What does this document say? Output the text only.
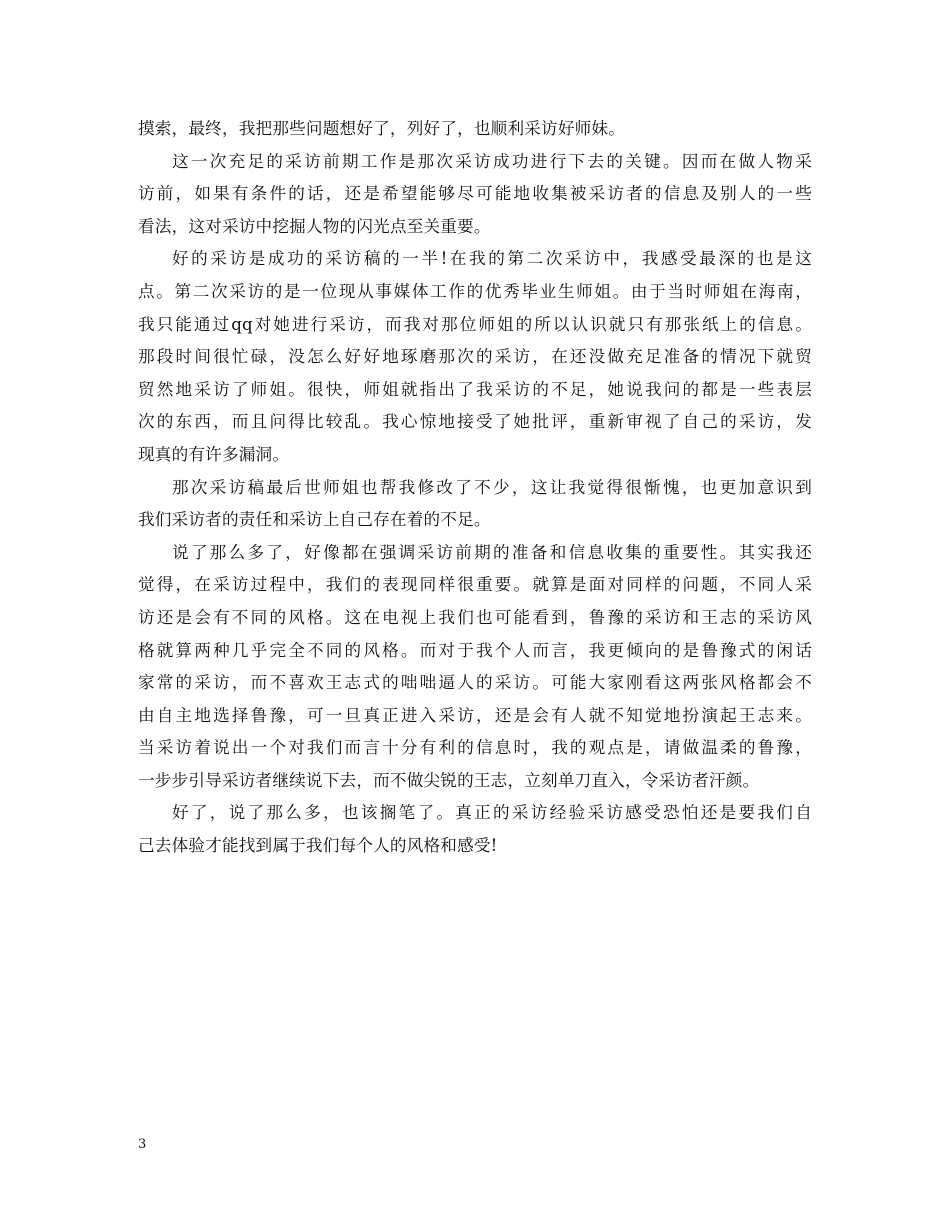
摸索，最终，我把那些问题想好了，列好了，也顺利采访好师妹。
这一次充足的采访前期工作是那次采访成功进行下去的关键。因而在做人物采
访前，如果有条件的话，还是希望能够尽可能地收集被采访者的信息及别人的一些
看法，这对采访中挖掘人物的闪光点至关重要。
好的采访是成功的采访稿的一半!在我的第二次采访中，我感受最深的也是这
点。第二次采访的是一位现从事媒体工作的优秀毕业生师姐。由于当时师姐在海南，
我只能通过qq对她进行采访，而我对那位师姐的所以认识就只有那张纸上的信息。
那段时间很忙碌，没怎么好好地琢磨那次的采访，在还没做充足准备的情况下就贸
贸然地采访了师姐。很快，师姐就指出了我采访的不足，她说我问的都是一些表层
次的东西，而且问得比较乱。我心惊地接受了她批评，重新审视了自己的采访，发
现真的有许多漏洞。
那次采访稿最后世师姐也帮我修改了不少，这让我觉得很惭愧，也更加意识到
我们采访者的责任和采访上自己存在着的不足。
说了那么多了，好像都在强调采访前期的准备和信息收集的重要性。其实我还
觉得，在采访过程中，我们的表现同样很重要。就算是面对同样的问题，不同人采
访还是会有不同的风格。这在电视上我们也可能看到，鲁豫的采访和王志的采访风
格就算两种几乎完全不同的风格。而对于我个人而言，我更倾向的是鲁豫式的闲话
家常的采访，而不喜欢王志式的咄咄逼人的采访。可能大家刚看这两张风格都会不
由自主地选择鲁豫，可一旦真正进入采访，还是会有人就不知觉地扮演起王志来。
当采访着说出一个对我们而言十分有利的信息时，我的观点是，请做温柔的鲁豫，
一步步引导采访者继续说下去，而不做尖锐的王志，立刻单刀直入，令采访者汗颜。
好了，说了那么多，也该搁笔了。真正的采访经验采访感受恐怕还是要我们自
己去体验才能找到属于我们每个人的风格和感受!
3
